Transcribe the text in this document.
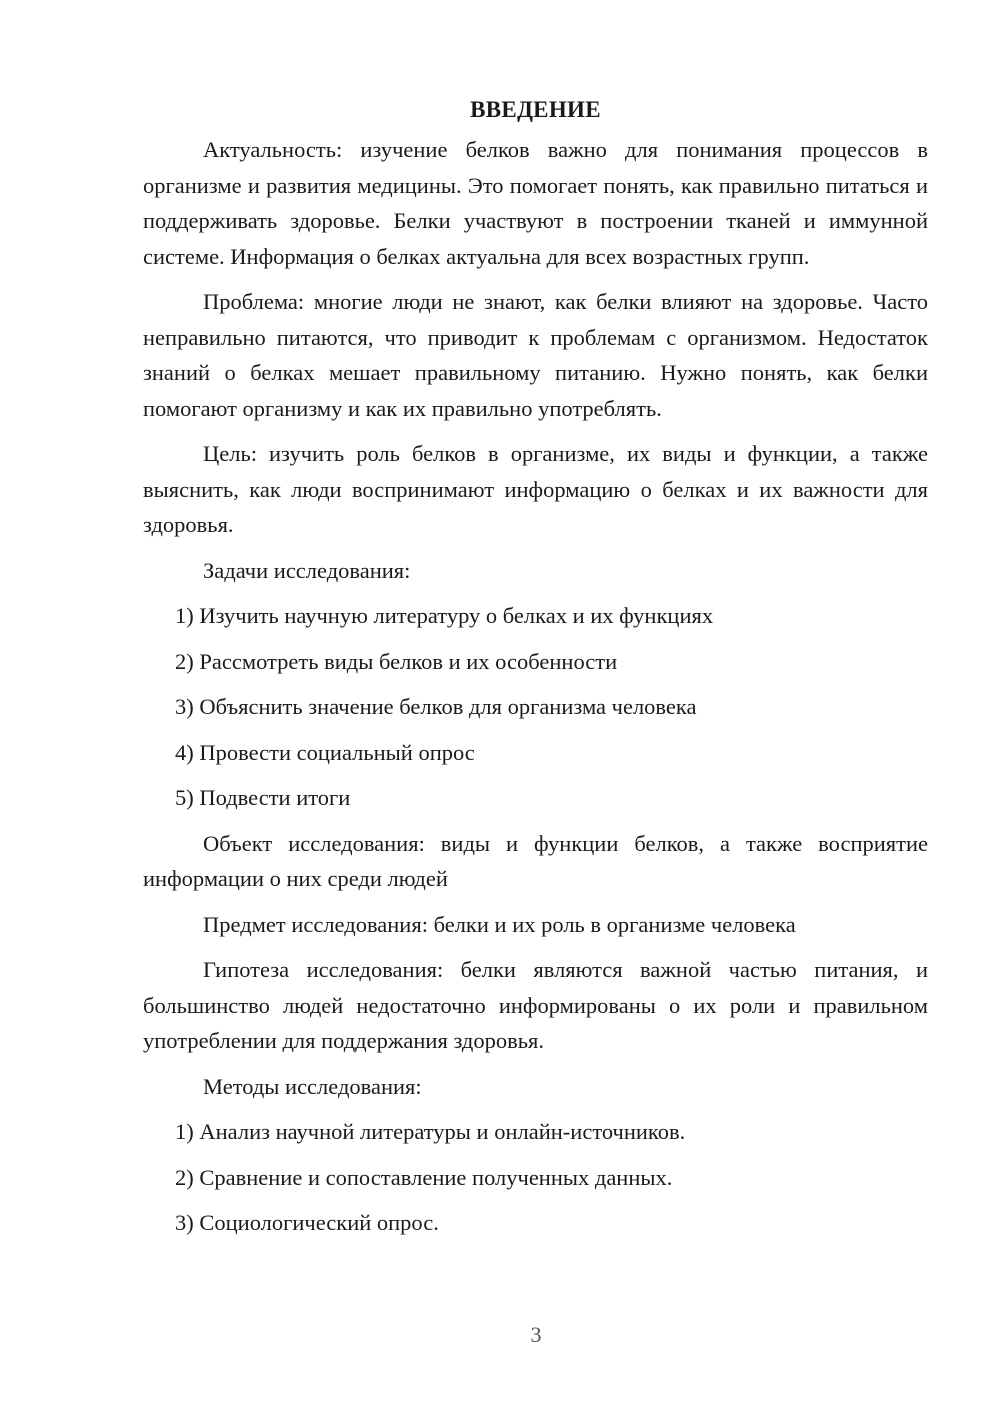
ВВЕДЕНИЕ

Актуальность: изучение белков важно для понимания процессов в организме и развития медицины. Это помогает понять, как правильно питаться и поддерживать здоровье. Белки участвуют в построении тканей и иммунной системе. Информация о белках актуальна для всех возрастных групп.

Проблема: многие люди не знают, как белки влияют на здоровье. Часто неправильно питаются, что приводит к проблемам с организмом. Недостаток знаний о белках мешает правильному питанию. Нужно понять, как белки помогают организму и как их правильно употреблять.

Цель: изучить роль белков в организме, их виды и функции, а также выяснить, как люди воспринимают информацию о белках и их важности для здоровья.

Задачи исследования:

1) Изучить научную литературу о белках и их функциях
2) Рассмотреть виды белков и их особенности
3) Объяснить значение белков для организма человека
4) Провести социальный опрос
5) Подвести итоги

Объект исследования: виды и функции белков, а также восприятие информации о них среди людей

Предмет исследования: белки и их роль в организме человека

Гипотеза исследования: белки являются важной частью питания, и большинство людей недостаточно информированы о их роли и правильном употреблении для поддержания здоровья.

Методы исследования:

1) Анализ научной литературы и онлайн-источников.
2) Сравнение и сопоставление полученных данных.
3) Социологический опрос.
3
